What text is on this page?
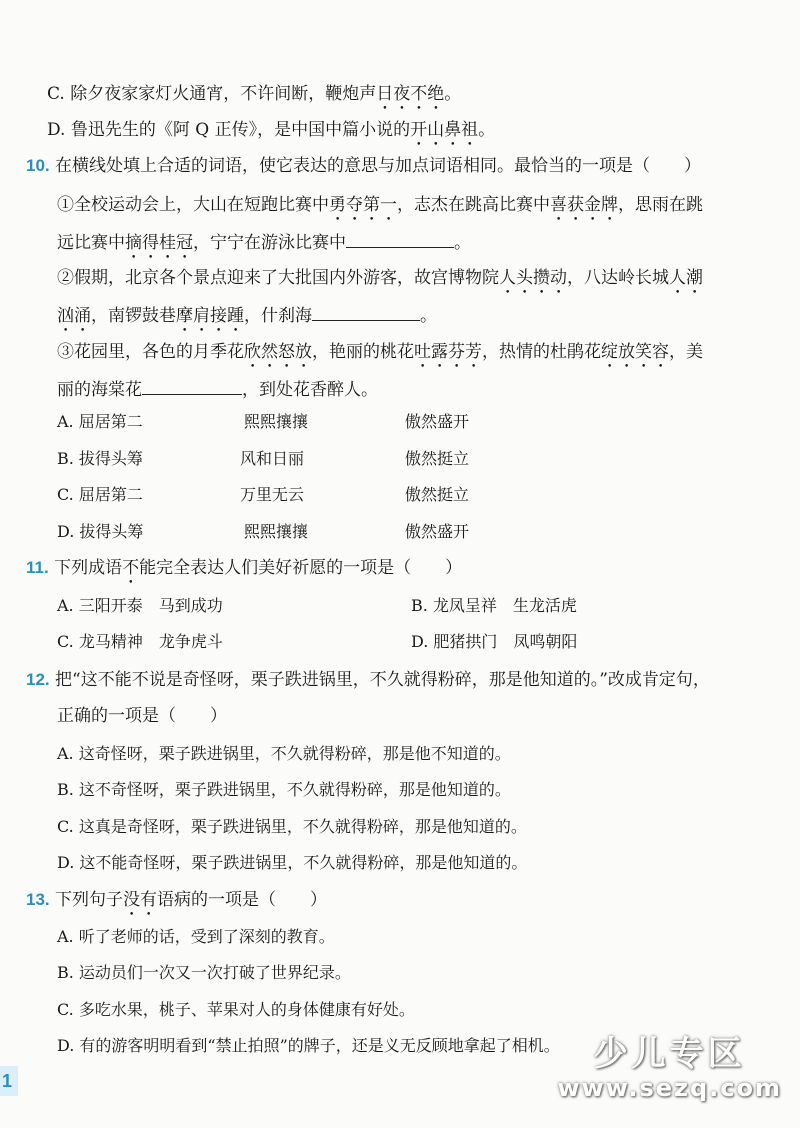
C. 除夕夜家家灯火通宵，不许间断，鞭炮声日夜不绝。
D. 鲁迅先生的《阿 Q 正传》，是中国中篇小说的开山鼻祖。
10. 在横线处填上合适的词语，使它表达的意思与加点词语相同。最恰当的一项是（ ）
①全校运动会上，大山在短跑比赛中勇夺第一，志杰在跳高比赛中喜获金牌，思雨在跳
远比赛中摘得桂冠，宁宁在游泳比赛中	。
②假期，北京各个景点迎来了大批国内外游客，故宫博物院人头攒动，八达岭长城人潮
汹涌，南锣鼓巷摩肩接踵，什刹海	。
③花园里，各色的月季花欣然怒放，艳丽的桃花吐露芬芳，热情的杜鹃花绽放笑容，美
丽的海棠花	，到处花香醉人。
A. 屈居第二	熙熙攘攘	傲然盛开
B. 拔得头筹	风和日丽	傲然挺立
C. 屈居第二	万里无云	傲然挺立
D. 拔得头筹	熙熙攘攘	傲然盛开
11. 下列成语不能完全表达人们美好祈愿的一项是（ ）
A. 三阳开泰　马到成功	B. 龙凤呈祥　生龙活虎
C. 龙马精神　龙争虎斗	D. 肥猪拱门　凤鸣朝阳
12. 把“这不能不说是奇怪呀，栗子跌进锅里，不久就得粉碎，那是他知道的。”改成肯定句，
正确的一项是（ ）
A. 这奇怪呀，栗子跌进锅里，不久就得粉碎，那是他不知道的。
B. 这不奇怪呀，栗子跌进锅里，不久就得粉碎，那是他知道的。
C. 这真是奇怪呀，栗子跌进锅里，不久就得粉碎，那是他知道的。
D. 这不能奇怪呀，栗子跌进锅里，不久就得粉碎，那是他知道的。
13. 下列句子没有语病的一项是（ ）
A. 听了老师的话，受到了深刻的教育。
B. 运动员们一次又一次打破了世界纪录。
C. 多吃水果，桃子、苹果对人的身体健康有好处。
D. 有的游客明明看到“禁止拍照”的牌子，还是义无反顾地拿起了相机。
1
少儿专区
www.sezq.com
